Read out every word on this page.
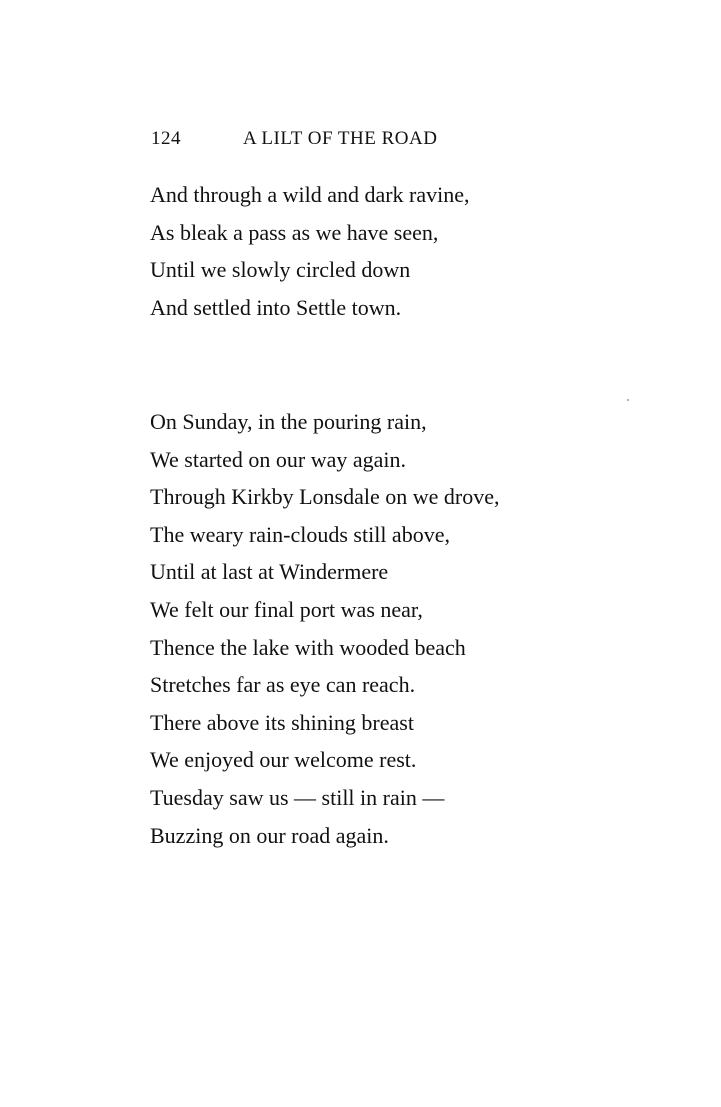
124	A LILT OF THE ROAD
And through a wild and dark ravine,
As bleak a pass as we have seen,
Until we slowly circled down
And settled into Settle town.
On Sunday, in the pouring rain,
We started on our way again.
Through Kirkby Lonsdale on we drove,
The weary rain-clouds still above,
Until at last at Windermere
We felt our final port was near,
Thence the lake with wooded beach
Stretches far as eye can reach.
There above its shining breast
We enjoyed our welcome rest.
Tuesday saw us — still in rain —
Buzzing on our road again.
